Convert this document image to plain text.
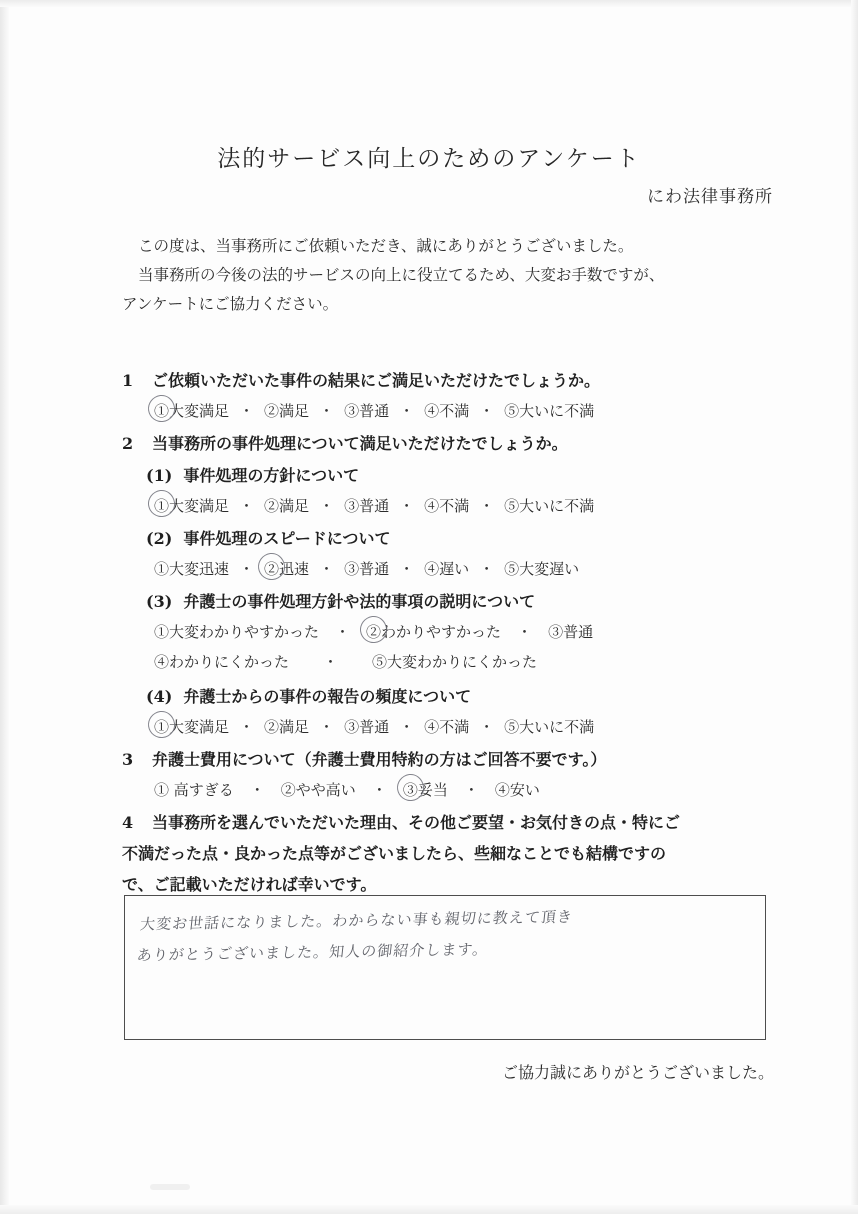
法的サービス向上のためのアンケート
にわ法律事務所

この度は、当事務所にご依頼いただき、誠にありがとうございました。

当事務所の今後の法的サービスの向上に役立てるため、大変お手数ですが、

アンケートにご協力ください。

1 ご依頼いただいた事件の結果にご満足いただけたでしょうか。
①大変満足 ・ ②満足 ・ ③普通 ・ ④不満 ・ ⑤大いに不満
2 当事務所の事件処理について満足いただけたでしょうか。
(1) 事件処理の方針について
①大変満足 ・ ②満足 ・ ③普通 ・ ④不満 ・ ⑤大いに不満
(2) 事件処理のスピードについて
①大変迅速 ・ ②迅速 ・ ③普通 ・ ④遅い ・ ⑤大変遅い
(3) 弁護士の事件処理方針や法的事項の説明について
①大変わかりやすかった ・ ②わかりやすかった ・ ③普通
④わかりにくかった ・ ⑤大変わかりにくかった
(4) 弁護士からの事件の報告の頻度について
①大変満足 ・ ②満足 ・ ③普通 ・ ④不満 ・ ⑤大いに不満
3 弁護士費用について（弁護士費用特約の方はご回答不要です。）
① 高すぎる ・ ②やや高い ・ ③妥当 ・ ④安い
4 当事務所を選んでいただいた理由、その他ご要望・お気付きの点・特にご
不満だった点・良かった点等がございましたら、些細なことでも結構ですの
で、ご記載いただければ幸いです。
大変お世話になりました。わからない事も親切に教えて頂き
ありがとうございました。知人の御紹介します。
ご協力誠にありがとうございました。
